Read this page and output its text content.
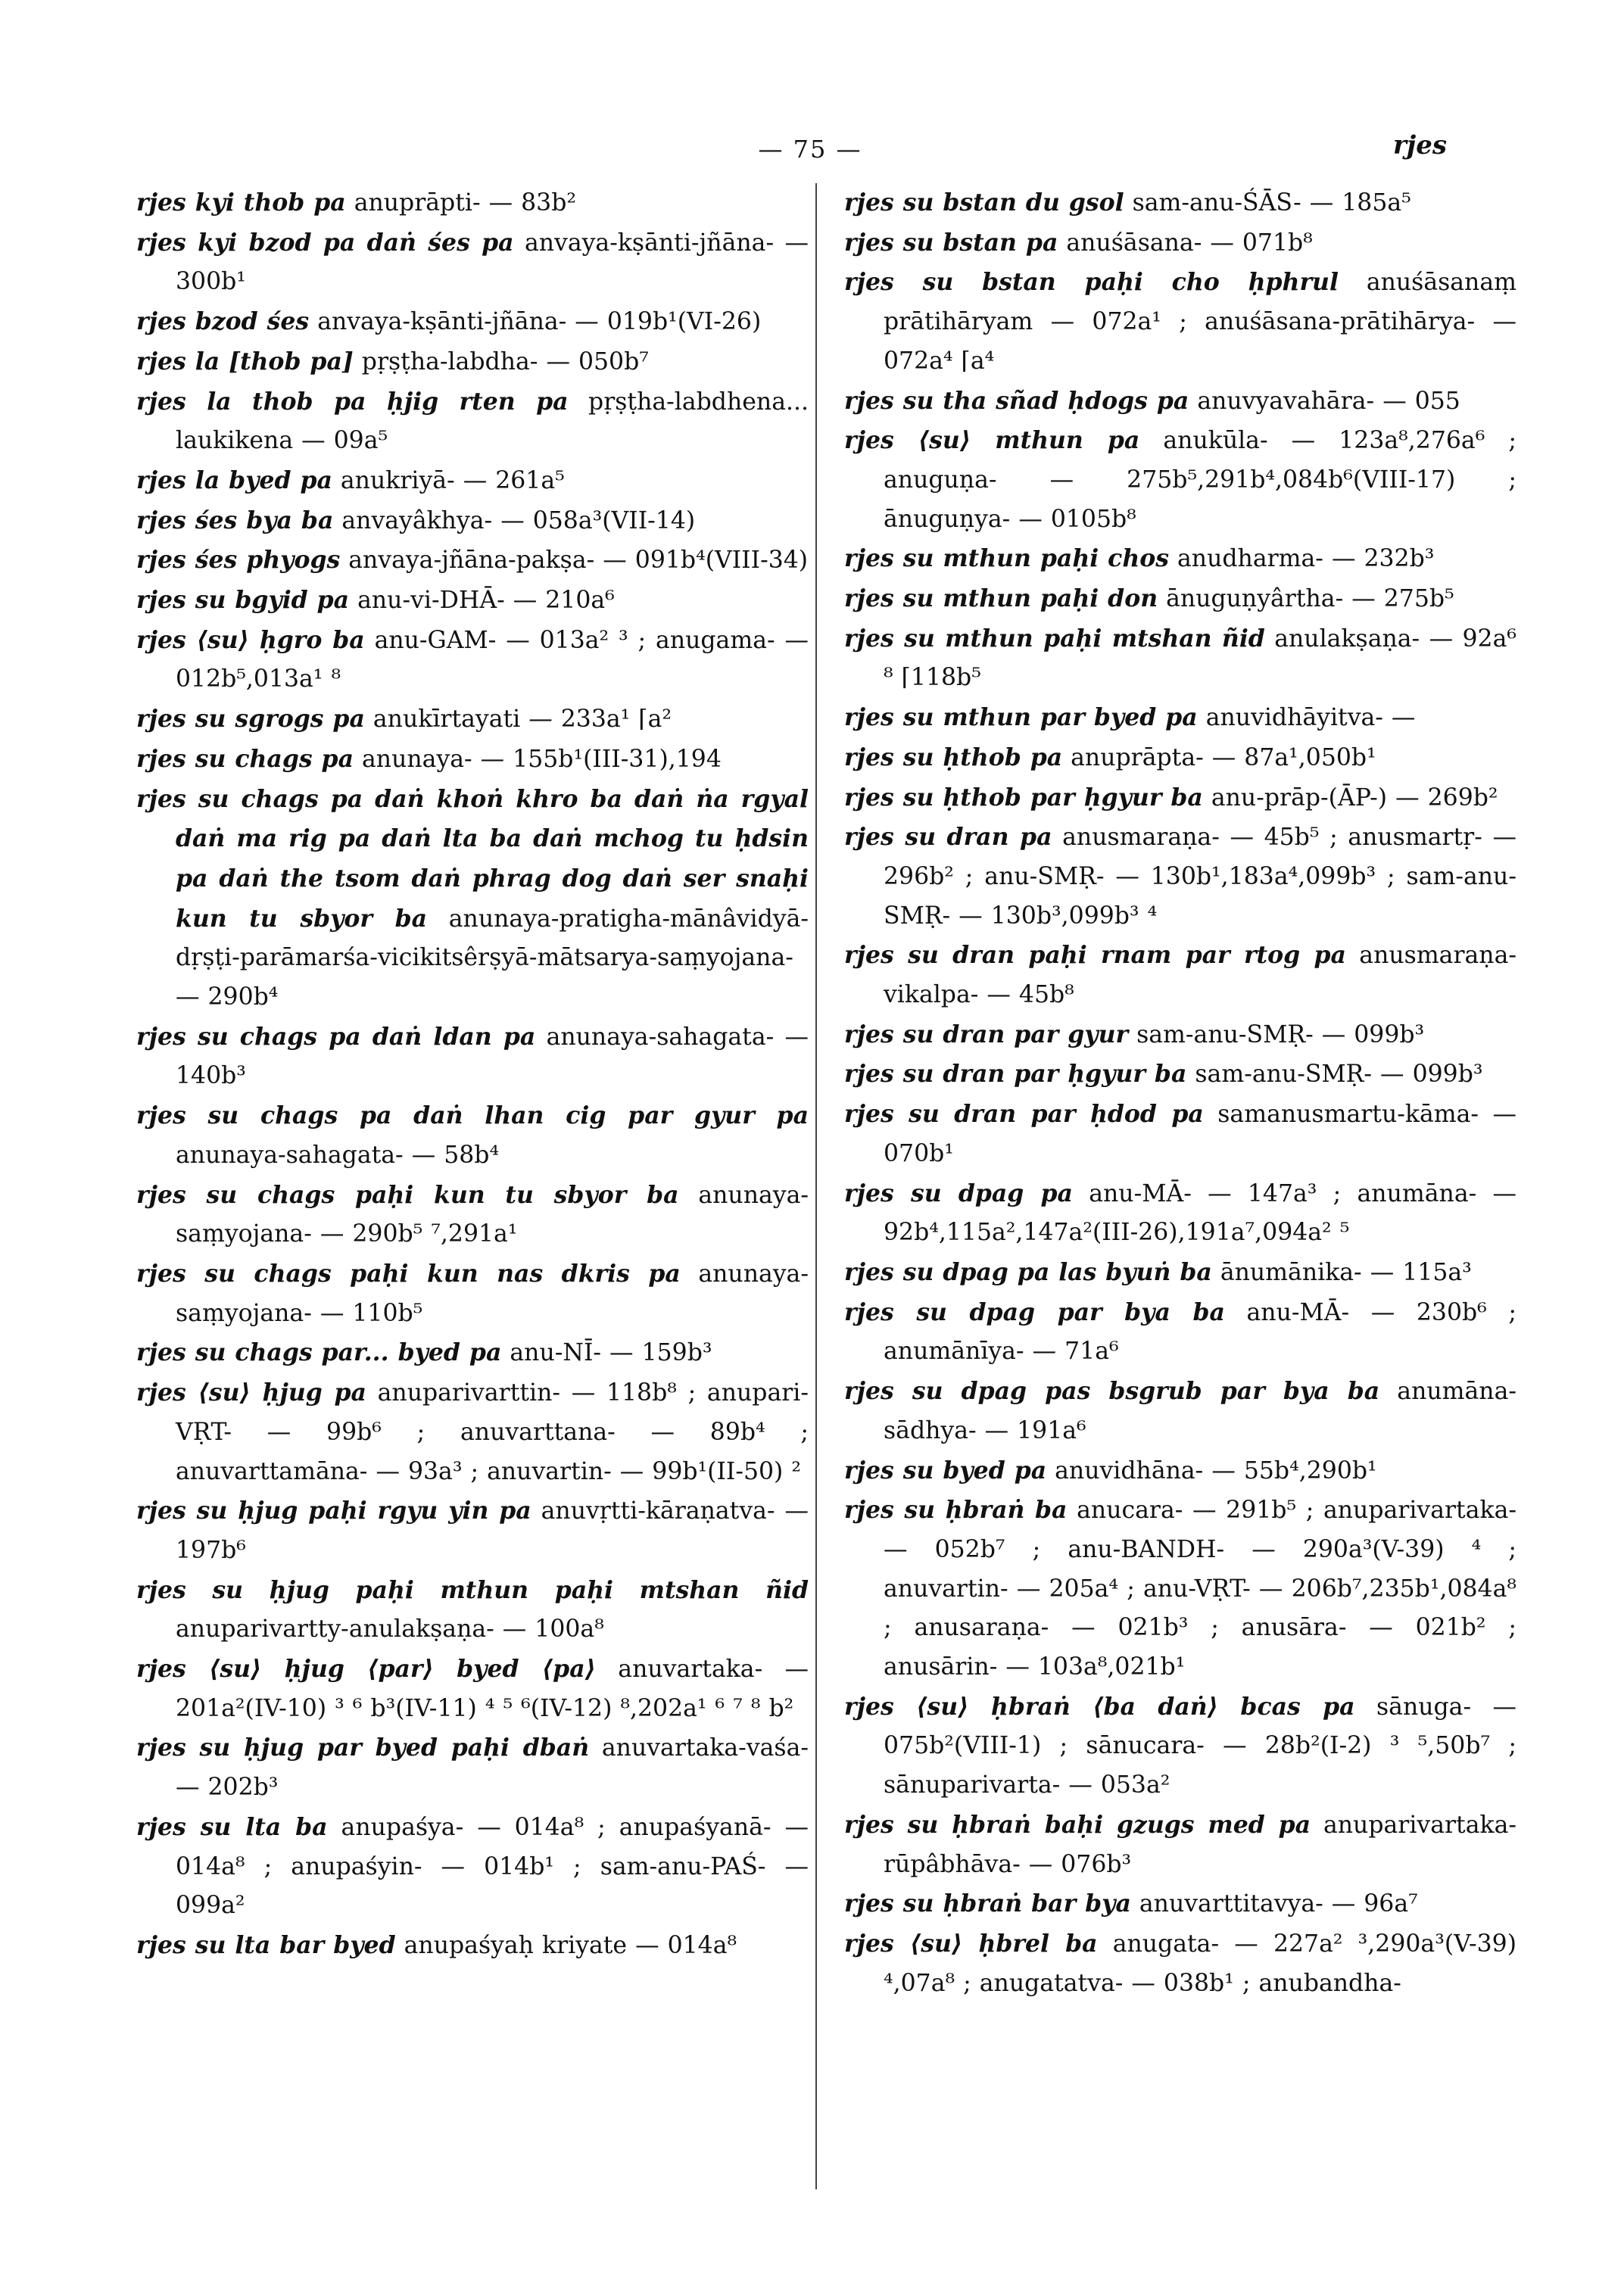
— 75 —	rjes
rjes kyi thob pa anuprāpti- — 83b²
rjes kyi bzod pa daṅ śes pa anvaya-kṣānti-jñāna- — 300b¹
rjes bzod śes anvaya-kṣānti-jñāna- — 019b¹(VI-26)
rjes la [thob pa] pṛṣṭha-labdha- — 050b⁷
rjes la thob pa ḥjig rten pa pṛṣṭha-labdhena... laukikena — 09a⁵
rjes la byed pa anukriyā- — 261a⁵
rjes śes bya ba anvayâkhya- — 058a³(VII-14)
rjes śes phyogs anvaya-jñāna-pakṣa- — 091b⁴(VIII-34)
rjes su bgyid pa anu-vi-DHĀ- — 210a⁶
rjes ⟨su⟩ ḥgro ba anu-GAM- — 013a² ³ ; anugama- — 012b⁵,013a¹ ⁸
rjes su sgrogs pa anukīrtayati — 233a¹ ⌈a²
rjes su chags pa anunaya- — 155b¹(III-31),194
rjes su chags pa daṅ khoṅ khro ba daṅ ṅa rgyal daṅ ma rig pa daṅ lta ba daṅ mchog tu ḥdsin pa daṅ the tsom daṅ phrag dog daṅ ser snaḥi kun tu sbyor ba anunaya-pratigha-mānâvidyā-dṛṣṭi-parāmarśa-vicikitsêrṣyā-mātsarya-saṃyojana- — 290b⁴
rjes su chags pa daṅ ldan pa anunaya-sahagata- — 140b³
rjes su chags pa daṅ lhan cig par gyur pa anunaya-sahagata- — 58b⁴
rjes su chags paḥi kun tu sbyor ba anunaya-saṃyojana- — 290b⁵ ⁷,291a¹
rjes su chags paḥi kun nas dkris pa anunaya-saṃyojana- — 110b⁵
rjes su chags par... byed pa anu-NĪ- — 159b³
rjes ⟨su⟩ ḥjug pa anuparivarttin- — 118b⁸ ; anupari-VṚT- — 99b⁶ ; anuvarttana- — 89b⁴ ; anuvarttamāna- — 93a³ ; anuvartin- — 99b¹(II-50) ²
rjes su ḥjug paḥi rgyu yin pa anuvṛtti-kāraṇatva- — 197b⁶
rjes su ḥjug paḥi mthun paḥi mtshan ñid anuparivartty-anulakṣaṇa- — 100a⁸
rjes ⟨su⟩ ḥjug ⟨par⟩ byed ⟨pa⟩ anuvartaka- — 201a²(IV-10) ³ ⁶ b³(IV-11) ⁴ ⁵ ⁶(IV-12) ⁸,202a¹ ⁶ ⁷ ⁸ b²
rjes su ḥjug par byed paḥi dbaṅ anuvartaka-vaśa- — 202b³
rjes su lta ba anupaśya- — 014a⁸ ; anupaśyanā- — 014a⁸ ; anupaśyin- — 014b¹ ; sam-anu-PAŚ- — 099a²
rjes su lta bar byed anupaśyaḥ kriyate — 014a⁸
rjes su bstan du gsol sam-anu-ŚĀS- — 185a⁵
rjes su bstan pa anuśāsana- — 071b⁸
rjes su bstan paḥi cho ḥphrul anuśāsanaṃ prātihāryam — 072a¹ ; anuśāsana-prātihārya- — 072a⁴ ⌈a⁴
rjes su tha sñad ḥdogs pa anuvyavahāra- — 055
rjes ⟨su⟩ mthun pa anukūla- — 123a⁸,276a⁶ ; anuguṇa- — 275b⁵,291b⁴,084b⁶(VIII-17) ; ānuguṇya- — 0105b⁸
rjes su mthun paḥi chos anudharma- — 232b³
rjes su mthun paḥi don ānuguṇyârtha- — 275b⁵
rjes su mthun paḥi mtshan ñid anulakṣaṇa- — 92a⁶ ⁸ ⌈118b⁵
rjes su mthun par byed pa anuvidhāyitva- —
rjes su ḥthob pa anuprāpta- — 87a¹,050b¹
rjes su ḥthob par ḥgyur ba anu-prāp-(ĀP-) — 269b²
rjes su dran pa anusmaraṇa- — 45b⁵ ; anusmartṛ- — 296b² ; anu-SMṚ- — 130b¹,183a⁴,099b³ ; sam-anu-SMṚ- — 130b³,099b³ ⁴
rjes su dran paḥi rnam par rtog pa anusmaraṇa-vikalpa- — 45b⁸
rjes su dran par gyur sam-anu-SMṚ- — 099b³
rjes su dran par ḥgyur ba sam-anu-SMṚ- — 099b³
rjes su dran par ḥdod pa samanusmartu-kāma- — 070b¹
rjes su dpag pa anu-MĀ- — 147a³ ; anumāna- — 92b⁴,115a²,147a²(III-26),191a⁷,094a² ⁵
rjes su dpag pa las byuṅ ba ānumānika- — 115a³
rjes su dpag par bya ba anu-MĀ- — 230b⁶ ; anumānīya- — 71a⁶
rjes su dpag pas bsgrub par bya ba anumāna-sādhya- — 191a⁶
rjes su byed pa anuvidhāna- — 55b⁴,290b¹
rjes su ḥbraṅ ba anucara- — 291b⁵ ; anuparivartaka- — 052b⁷ ; anu-BANDH- — 290a³(V-39) ⁴ ; anuvartin- — 205a⁴ ; anu-VṚT- — 206b⁷,235b¹,084a⁸ ; anusaraṇa- — 021b³ ; anusāra- — 021b² ; anusārin- — 103a⁸,021b¹
rjes ⟨su⟩ ḥbraṅ ⟨ba daṅ⟩ bcas pa sānuga- — 075b²(VIII-1) ; sānucara- — 28b²(I-2) ³ ⁵,50b⁷ ; sānuparivarta- — 053a²
rjes su ḥbraṅ baḥi gzugs med pa anuparivartaka-rūpâbhāva- — 076b³
rjes su ḥbraṅ bar bya anuvarttitavya- — 96a⁷
rjes ⟨su⟩ ḥbrel ba anugata- — 227a² ³,290a³(V-39) ⁴,07a⁸ ; anugatatva- — 038b¹ ; anubandha-
